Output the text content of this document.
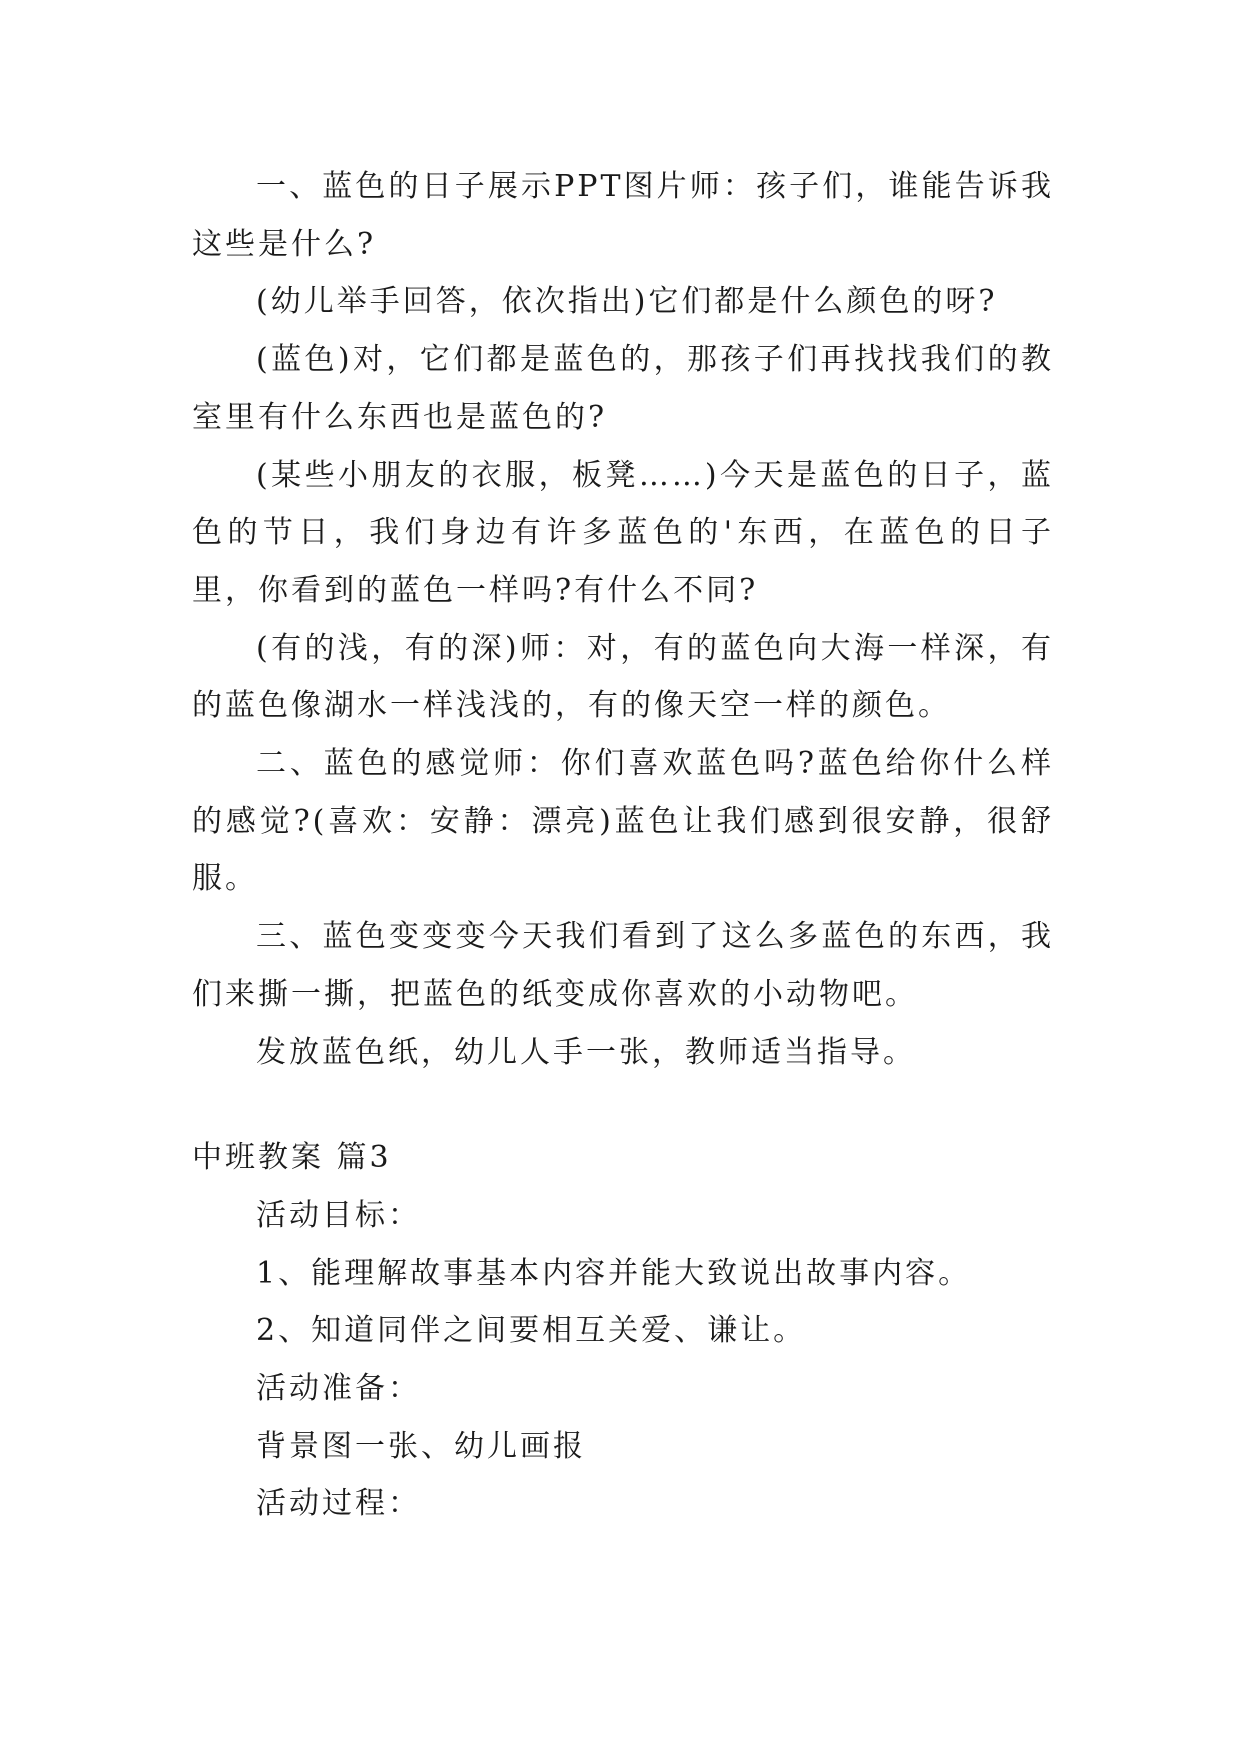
一、蓝色的日子展示PPT图片师：孩子们，谁能告诉我这些是什么?

(幼儿举手回答，依次指出)它们都是什么颜色的呀?

(蓝色)对，它们都是蓝色的，那孩子们再找找我们的教室里有什么东西也是蓝色的?

(某些小朋友的衣服，板凳……)今天是蓝色的日子，蓝色的节日，我们身边有许多蓝色的'东西，在蓝色的日子里，你看到的蓝色一样吗?有什么不同?

(有的浅，有的深)师：对，有的蓝色向大海一样深，有的蓝色像湖水一样浅浅的，有的像天空一样的颜色。

二、蓝色的感觉师：你们喜欢蓝色吗?蓝色给你什么样的感觉?(喜欢：安静：漂亮)蓝色让我们感到很安静，很舒服。

三、蓝色变变变今天我们看到了这么多蓝色的东西，我们来撕一撕，把蓝色的纸变成你喜欢的小动物吧。

发放蓝色纸，幼儿人手一张，教师适当指导。

中班教案 篇3

活动目标：

1、能理解故事基本内容并能大致说出故事内容。

2、知道同伴之间要相互关爱、谦让。

活动准备：

背景图一张、幼儿画报

活动过程：
